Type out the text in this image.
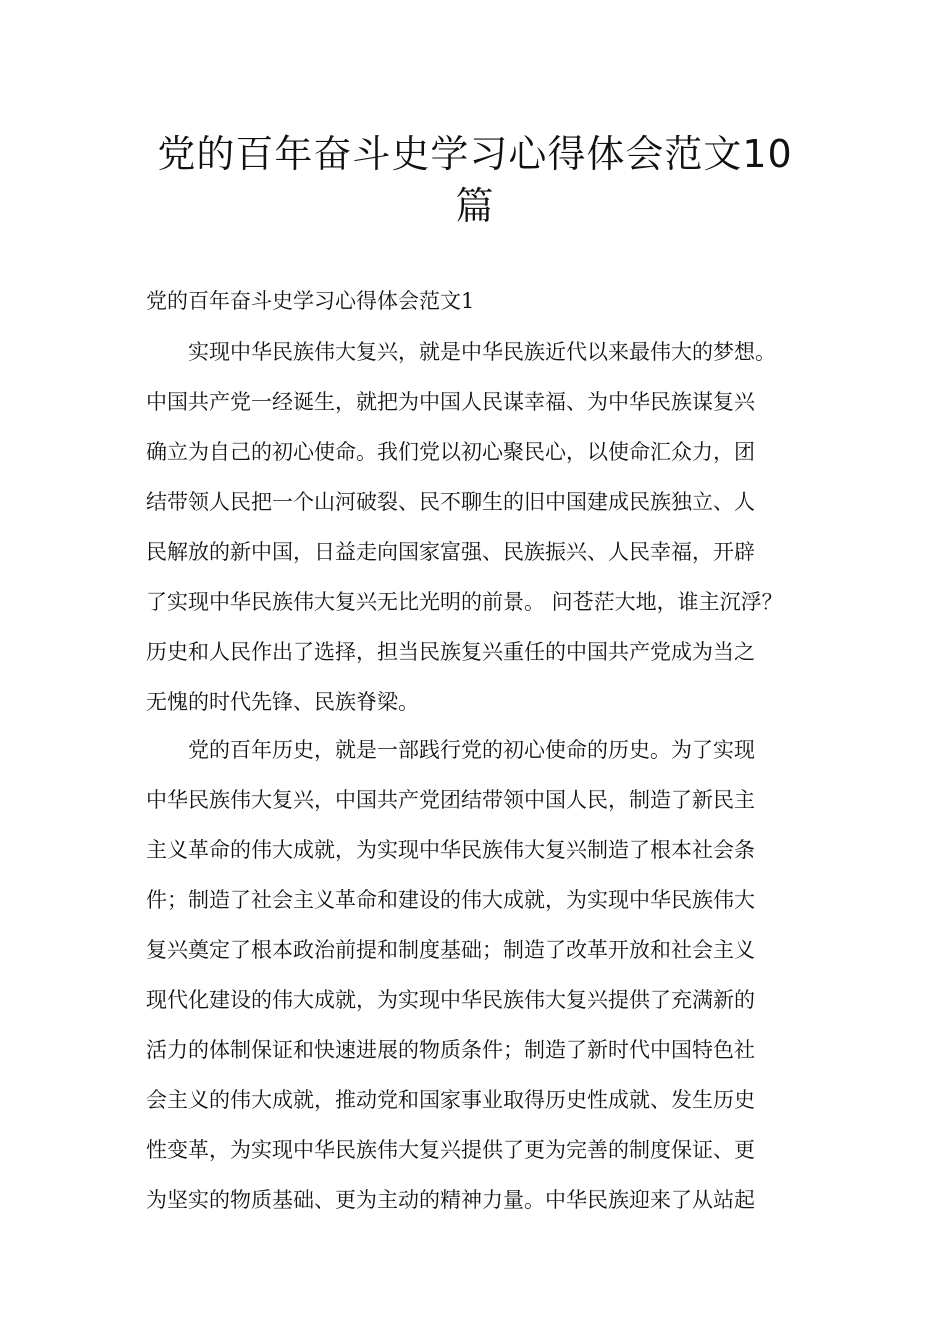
党的百年奋斗史学习心得体会范文10
篇
党的百年奋斗史学习心得体会范文1
　　实现中华民族伟大复兴，就是中华民族近代以来最伟大的梦想。
中国共产党一经诞生，就把为中国人民谋幸福、为中华民族谋复兴
确立为自己的初心使命。我们党以初心聚民心，以使命汇众力，团
结带领人民把一个山河破裂、民不聊生的旧中国建成民族独立、人
民解放的新中国，日益走向国家富强、民族振兴、人民幸福，开辟
了实现中华民族伟大复兴无比光明的前景。 问苍茫大地，谁主沉浮？
历史和人民作出了选择，担当民族复兴重任的中国共产党成为当之
无愧的时代先锋、民族脊梁。
　　党的百年历史，就是一部践行党的初心使命的历史。为了实现
中华民族伟大复兴，中国共产党团结带领中国人民，制造了新民主
主义革命的伟大成就，为实现中华民族伟大复兴制造了根本社会条
件；制造了社会主义革命和建设的伟大成就，为实现中华民族伟大
复兴奠定了根本政治前提和制度基础；制造了改革开放和社会主义
现代化建设的伟大成就，为实现中华民族伟大复兴提供了充满新的
活力的体制保证和快速进展的物质条件；制造了新时代中国特色社
会主义的伟大成就，推动党和国家事业取得历史性成就、发生历史
性变革，为实现中华民族伟大复兴提供了更为完善的制度保证、更
为坚实的物质基础、更为主动的精神力量。中华民族迎来了从站起
